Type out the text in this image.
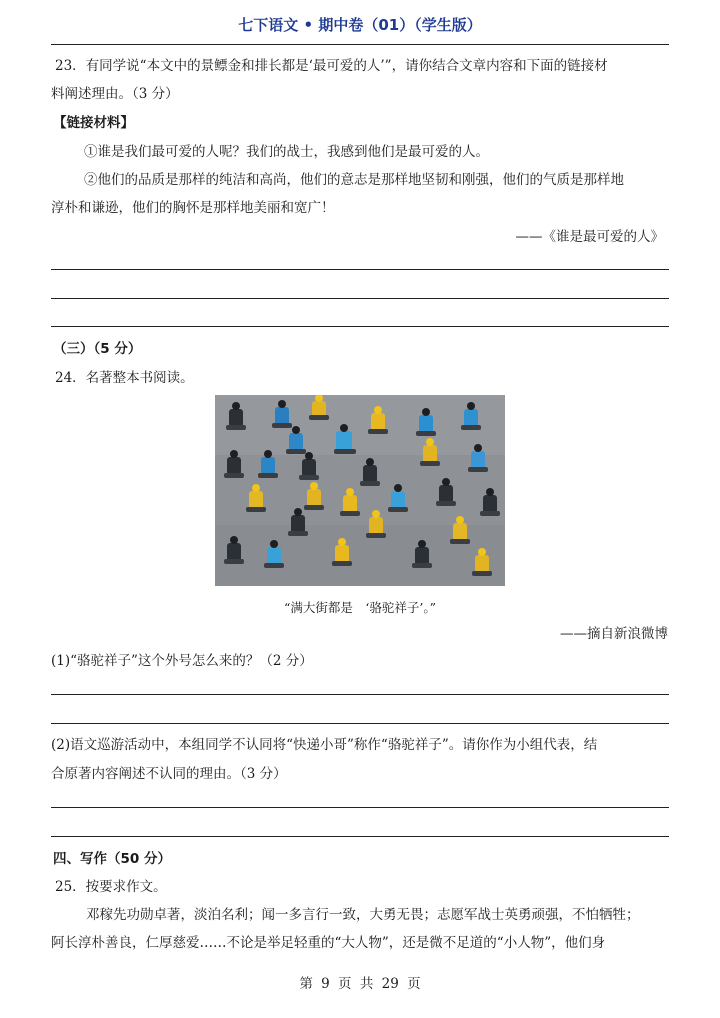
七下语文 • 期中卷（01）（学生版）
23．有同学说“本文中的景鳔金和排长都是‘最可爱的人’”，请你结合文章内容和下面的链接材
料阐述理由。（3 分）
【链接材料】
①谁是我们最可爱的人呢？我们的战士，我感到他们是最可爱的人。
②他们的品质是那样的纯洁和高尚，他们的意志是那样地坚韧和刚强，他们的气质是那样地
淳朴和谦逊，他们的胸怀是那样地美丽和宽广！
——《谁是最可爱的人》
（三）（5 分）
24．名著整本书阅读。
“满大街都是　‘骆驼祥子’。”
——摘自新浪微博
(1)“骆驼祥子”这个外号怎么来的？（2 分）
(2)语文巡游活动中，本组同学不认同将“快递小哥”称作“骆驼祥子”。请你作为小组代表，结
合原著内容阐述不认同的理由。（3 分）
四、写作（50 分）
25．按要求作文。
邓稼先功勋卓著，淡泊名利；闻一多言行一致，大勇无畏；志愿军战士英勇顽强，不怕牺牲；
阿长淳朴善良，仁厚慈爱……不论是举足轻重的“大人物”，还是微不足道的“小人物”，他们身
第 9 页 共 29 页
